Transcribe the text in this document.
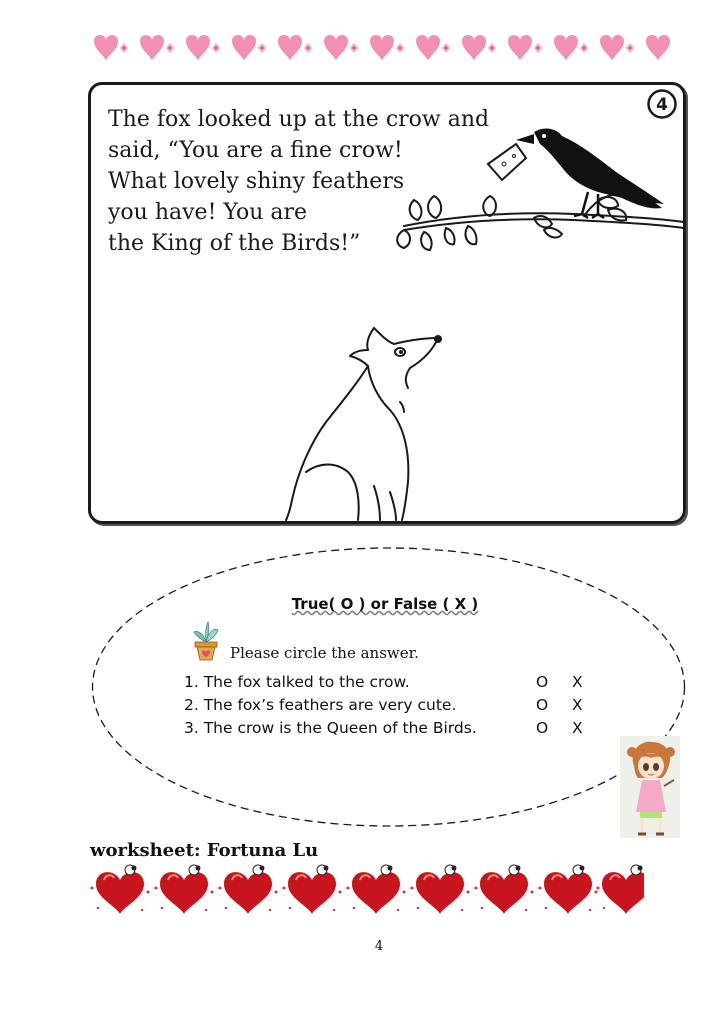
The fox looked up at the crow and
said, “You are a fine crow!
What lovely shiny feathers
you have! You are
the King of the Birds!”
4
True( O ) or False ( X )
Please circle the answer.
1. The fox talked to the crow.	O	X
2. The fox’s feathers are very cute.	O	X
3. The crow is the Queen of the Birds.	O	X
worksheet: Fortuna Lu
4
